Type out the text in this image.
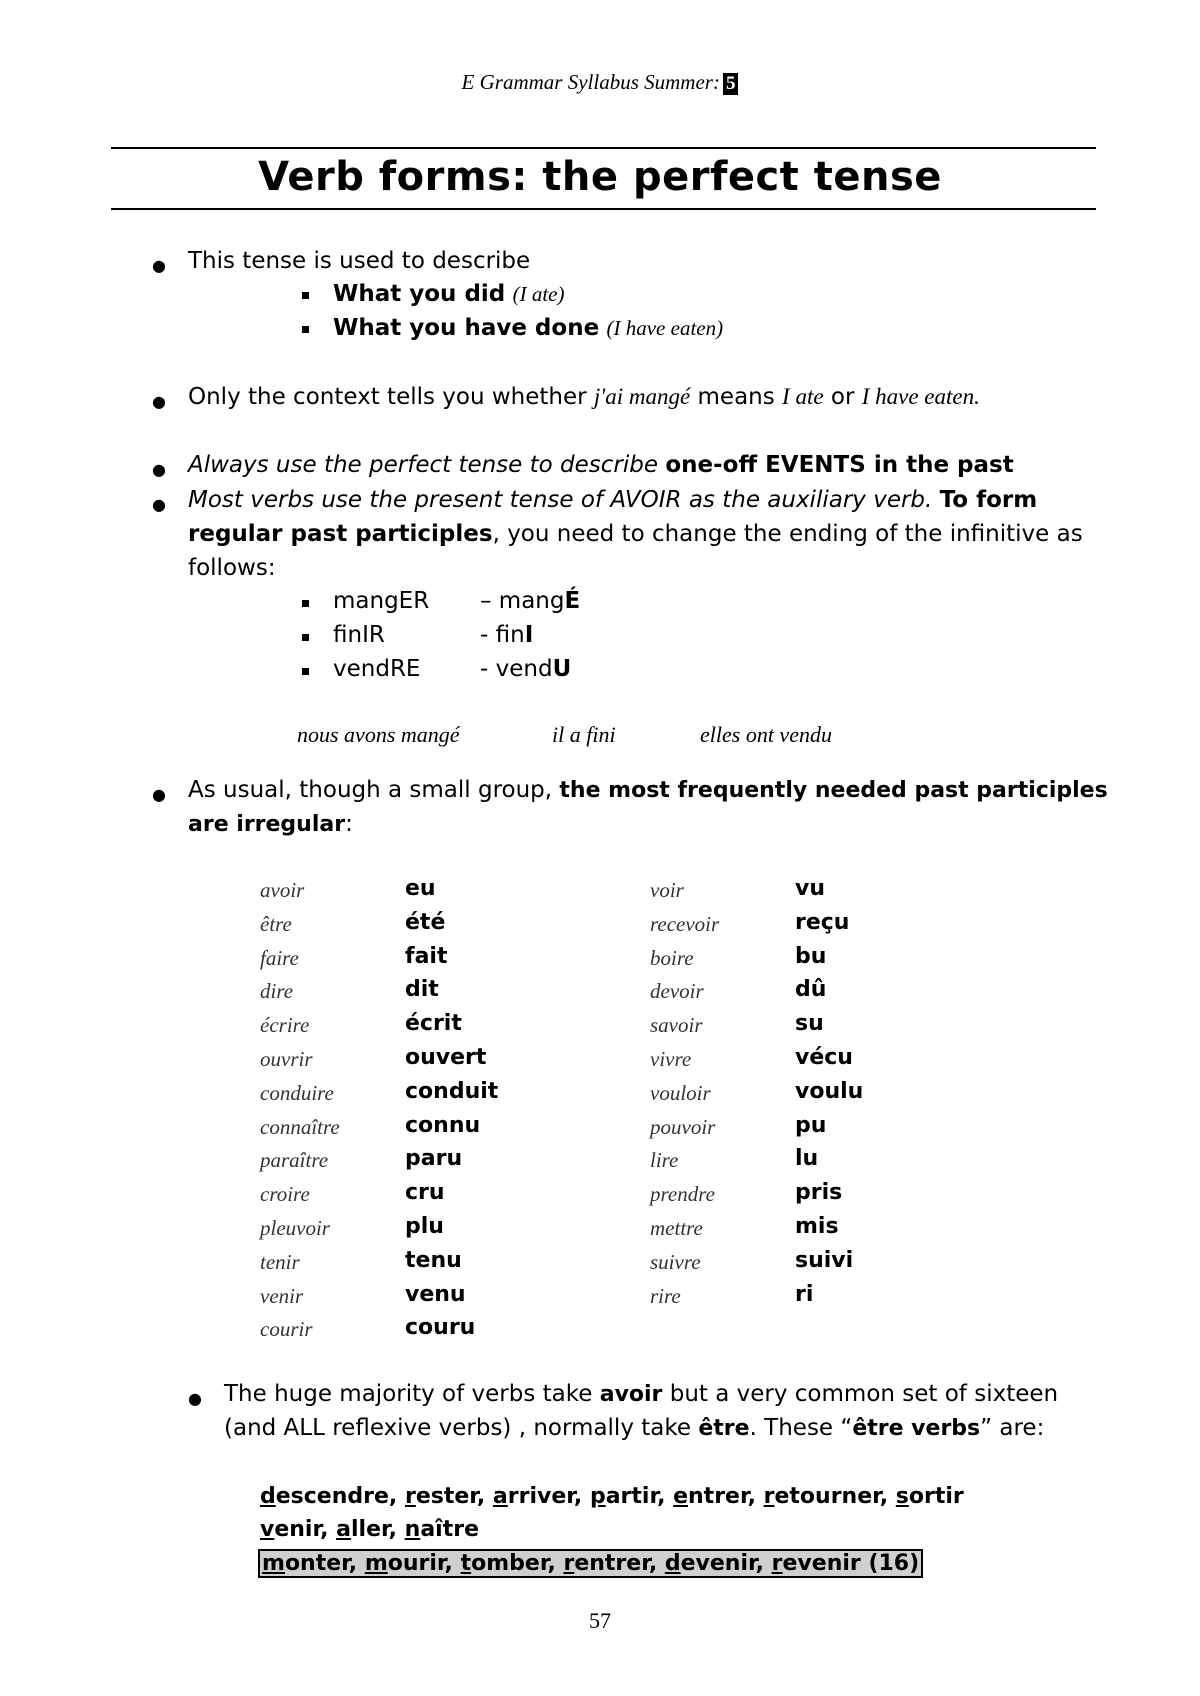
E Grammar Syllabus Summer: 5
Verb forms: the perfect tense
● This tense is used to describe
What you did (I ate)
What you have done (I have eaten)
● Only the context tells you whether j'ai mangé means I ate or I have eaten.
● Always use the perfect tense to describe one-off EVENTS in the past
● Most verbs use the present tense of AVOIR as the auxiliary verb. To form
regular past participles, you need to change the ending of the infinitive as
follows:
mangER – mangÉ
finIR	- finI
vendRE	- vendU
nous avons mangé	il a fini	elles ont vendu
● As usual, though a small group, the most frequently needed past participles
are irregular:
avoir	eu
être	été
faire	fait
dire	dit
écrire	écrit
ouvrir	ouvert
conduire	conduit
connaître	connu
paraître	paru
croire	cru
pleuvoir	plu
tenir	tenu
venir	venu
courir	couru
voir	vu
recevoir	reçu
boire	bu
devoir	dû
savoir	su
vivre	vécu
vouloir	voulu
pouvoir	pu
lire	lu
prendre	pris
mettre	mis
suivre	suivi
rire	ri
● The huge majority of verbs take avoir but a very common set of sixteen
(and ALL reflexive verbs) , normally take être. These “être verbs” are:
descendre, rester, arriver, partir, entrer, retourner, sortir
venir, aller, naître
monter, mourir, tomber, rentrer, devenir, revenir (16)
57
